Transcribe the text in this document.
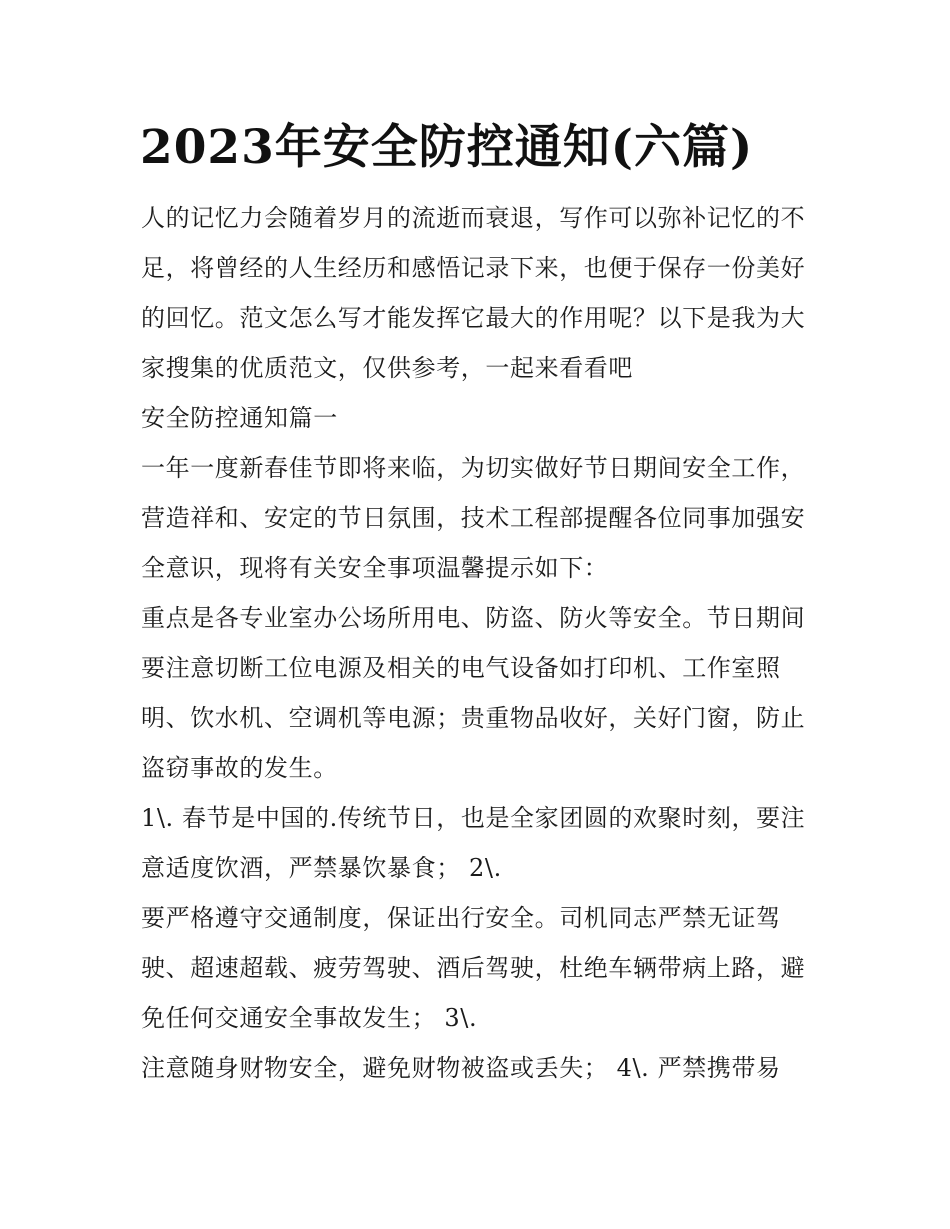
2023年安全防控通知(六篇)
人的记忆力会随着岁月的流逝而衰退，写作可以弥补记忆的不
足，将曾经的人生经历和感悟记录下来，也便于保存一份美好
的回忆。范文怎么写才能发挥它最大的作用呢？以下是我为大
家搜集的优质范文，仅供参考，一起来看看吧
安全防控通知篇一
一年一度新春佳节即将来临，为切实做好节日期间安全工作，
营造祥和、安定的节日氛围，技术工程部提醒各位同事加强安
全意识，现将有关安全事项温馨提示如下：
重点是各专业室办公场所用电、防盗、防火等安全。节日期间
要注意切断工位电源及相关的电气设备如打印机、工作室照
明、饮水机、空调机等电源；贵重物品收好，关好门窗，防止
盗窃事故的发生。
1\. 春节是中国的.传统节日，也是全家团圆的欢聚时刻，要注
意适度饮酒，严禁暴饮暴食； 2\.
要严格遵守交通制度，保证出行安全。司机同志严禁无证驾
驶、超速超载、疲劳驾驶、酒后驾驶，杜绝车辆带病上路，避
免任何交通安全事故发生； 3\.
注意随身财物安全，避免财物被盗或丢失； 4\. 严禁携带易
